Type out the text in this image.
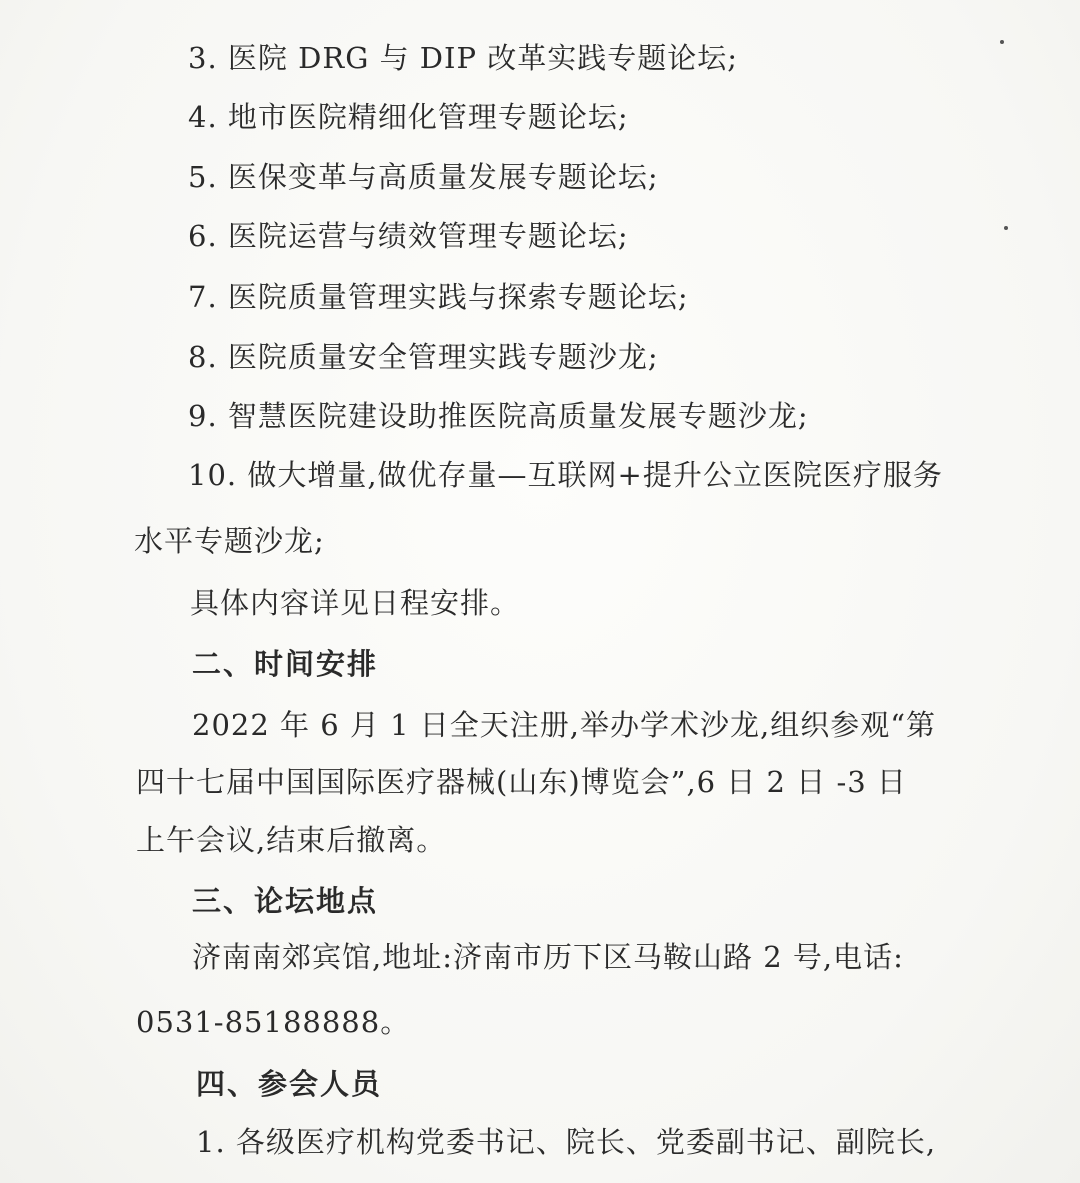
3. 医院 DRG 与 DIP 改革实践专题论坛;
4. 地市医院精细化管理专题论坛;
5. 医保变革与高质量发展专题论坛;
6. 医院运营与绩效管理专题论坛;
7. 医院质量管理实践与探索专题论坛;
8. 医院质量安全管理实践专题沙龙;
9. 智慧医院建设助推医院高质量发展专题沙龙;
10. 做大增量,做优存量—互联网+提升公立医院医疗服务
水平专题沙龙;
具体内容详见日程安排。
二、时间安排
2022 年 6 月 1 日全天注册,举办学术沙龙,组织参观“第
四十七届中国国际医疗器械(山东)博览会”,6 日 2 日 -3 日
上午会议,结束后撤离。
三、论坛地点
济南南郊宾馆,地址:济南市历下区马鞍山路 2 号,电话:
0531-85188888。
四、参会人员
1. 各级医疗机构党委书记、院长、党委副书记、副院长,
